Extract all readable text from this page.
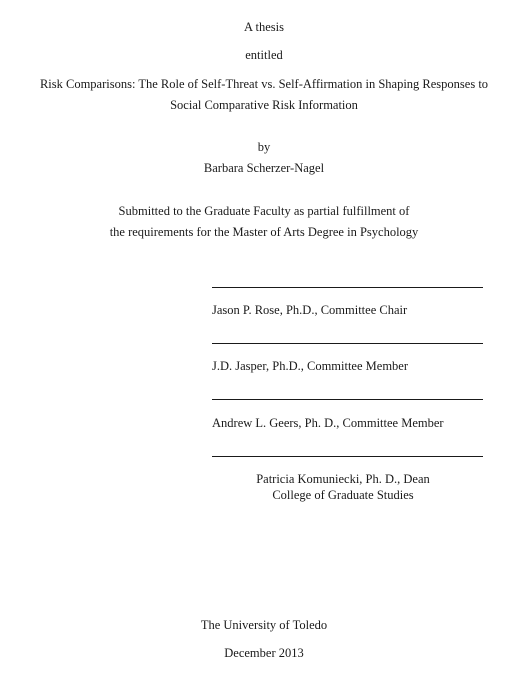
A thesis
entitled
Risk Comparisons: The Role of Self-Threat vs. Self-Affirmation in Shaping Responses to
Social Comparative Risk Information
by
Barbara Scherzer-Nagel
Submitted to the Graduate Faculty as partial fulfillment of
the requirements for the Master of Arts Degree in Psychology
Jason P. Rose, Ph.D., Committee Chair
J.D. Jasper, Ph.D., Committee Member
Andrew L. Geers, Ph. D., Committee Member
Patricia Komuniecki, Ph. D., Dean
College of Graduate Studies
The University of Toledo
December 2013
